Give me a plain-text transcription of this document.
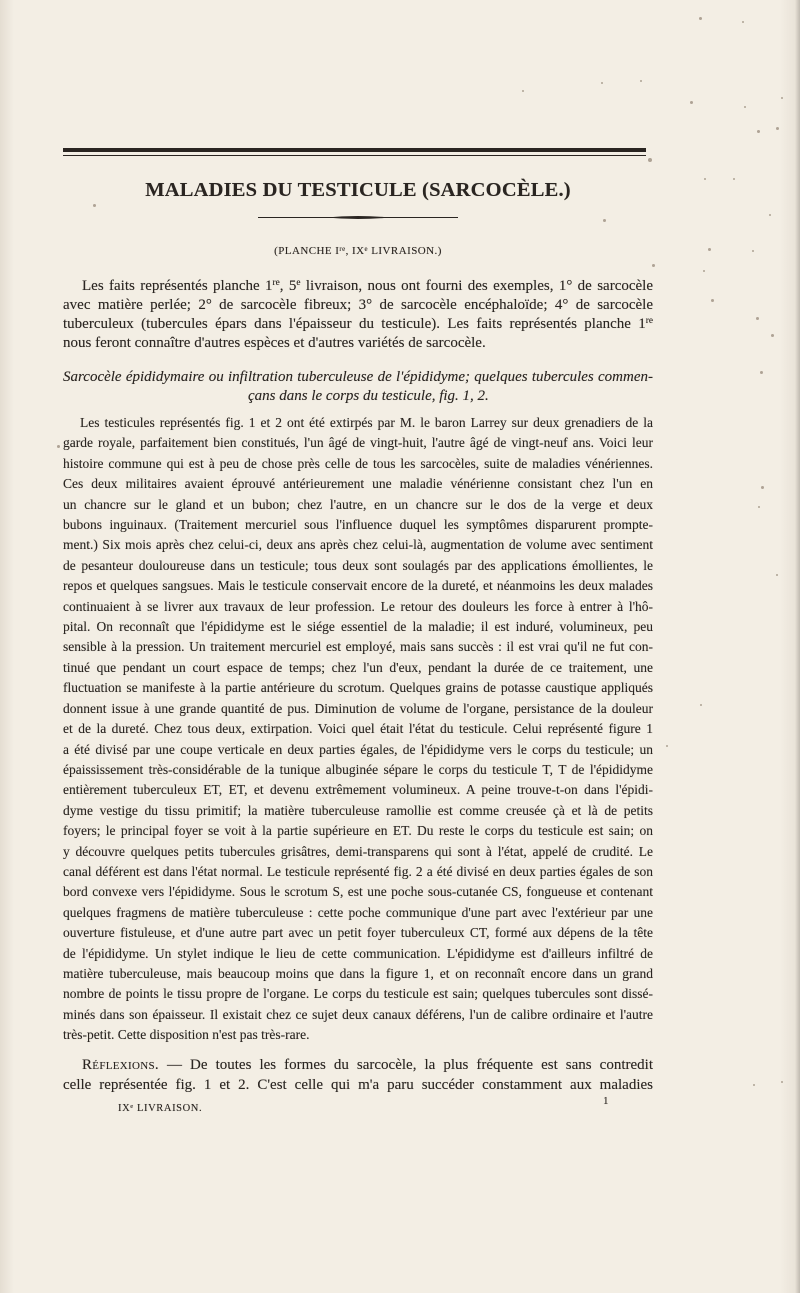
MALADIES DU TESTICULE (SARCOCÈLE.)
(PLANCHE Ire, IXe LIVRAISON.)
Les faits représentés planche 1re, 5e livraison, nous ont fourni des exemples, 1° de sarcocèle
avec matière perlée; 2° de sarcocèle fibreux; 3° de sarcocèle encéphaloïde; 4° de sarcocèle
tuberculeux (tubercules épars dans l'épaisseur du testicule). Les faits représentés planche 1re
nous feront connaître d'autres espèces et d'autres variétés de sarcocèle.
Sarcocèle épididymaire ou infiltration tuberculeuse de l'épididyme; quelques tubercules commen-
çans dans le corps du testicule, fig. 1, 2.
Les testicules représentés fig. 1 et 2 ont été extirpés par M. le baron Larrey sur deux grenadiers de la
garde royale, parfaitement bien constitués, l'un âgé de vingt-huit, l'autre âgé de vingt-neuf ans. Voici leur
histoire commune qui est à peu de chose près celle de tous les sarcocèles, suite de maladies vénériennes.
Ces deux militaires avaient éprouvé antérieurement une maladie vénérienne consistant chez l'un en
un chancre sur le gland et un bubon; chez l'autre, en un chancre sur le dos de la verge et deux
bubons inguinaux. (Traitement mercuriel sous l'influence duquel les symptômes disparurent prompte-
ment.) Six mois après chez celui-ci, deux ans après chez celui-là, augmentation de volume avec sentiment
de pesanteur douloureuse dans un testicule; tous deux sont soulagés par des applications émollientes, le
repos et quelques sangsues. Mais le testicule conservait encore de la dureté, et néanmoins les deux malades
continuaient à se livrer aux travaux de leur profession. Le retour des douleurs les force à entrer à l'hô-
pital. On reconnaît que l'épididyme est le siége essentiel de la maladie; il est induré, volumineux, peu
sensible à la pression. Un traitement mercuriel est employé, mais sans succès : il est vrai qu'il ne fut con-
tinué que pendant un court espace de temps; chez l'un d'eux, pendant la durée de ce traitement, une
fluctuation se manifeste à la partie antérieure du scrotum. Quelques grains de potasse caustique appliqués
donnent issue à une grande quantité de pus. Diminution de volume de l'organe, persistance de la douleur
et de la dureté. Chez tous deux, extirpation. Voici quel était l'état du testicule. Celui représenté figure 1
a été divisé par une coupe verticale en deux parties égales, de l'épididyme vers le corps du testicule; un
épaississement très-considérable de la tunique albuginée sépare le corps du testicule T, T de l'épididyme
entièrement tuberculeux ET, ET, et devenu extrêmement volumineux. A peine trouve-t-on dans l'épidi-
dyme vestige du tissu primitif; la matière tuberculeuse ramollie est comme creusée çà et là de petits
foyers; le principal foyer se voit à la partie supérieure en ET. Du reste le corps du testicule est sain; on
y découvre quelques petits tubercules grisâtres, demi-transparens qui sont à l'état, appelé de crudité. Le
canal déférent est dans l'état normal. Le testicule représenté fig. 2 a été divisé en deux parties égales de son
bord convexe vers l'épididyme. Sous le scrotum S, est une poche sous-cutanée CS, fongueuse et contenant
quelques fragmens de matière tuberculeuse : cette poche communique d'une part avec l'extérieur par une
ouverture fistuleuse, et d'une autre part avec un petit foyer tuberculeux CT, formé aux dépens de la tête
de l'épididyme. Un stylet indique le lieu de cette communication. L'épididyme est d'ailleurs infiltré de
matière tuberculeuse, mais beaucoup moins que dans la figure 1, et on reconnaît encore dans un grand
nombre de points le tissu propre de l'organe. Le corps du testicule est sain; quelques tubercules sont dissé-
minés dans son épaisseur. Il existait chez ce sujet deux canaux déférens, l'un de calibre ordinaire et l'autre
très-petit. Cette disposition n'est pas très-rare.
Réflexions. — De toutes les formes du sarcocèle, la plus fréquente est sans contredit
celle représentée fig. 1 et 2. C'est celle qui m'a paru succéder constamment aux maladies
IXe LIVRAISON.
1
